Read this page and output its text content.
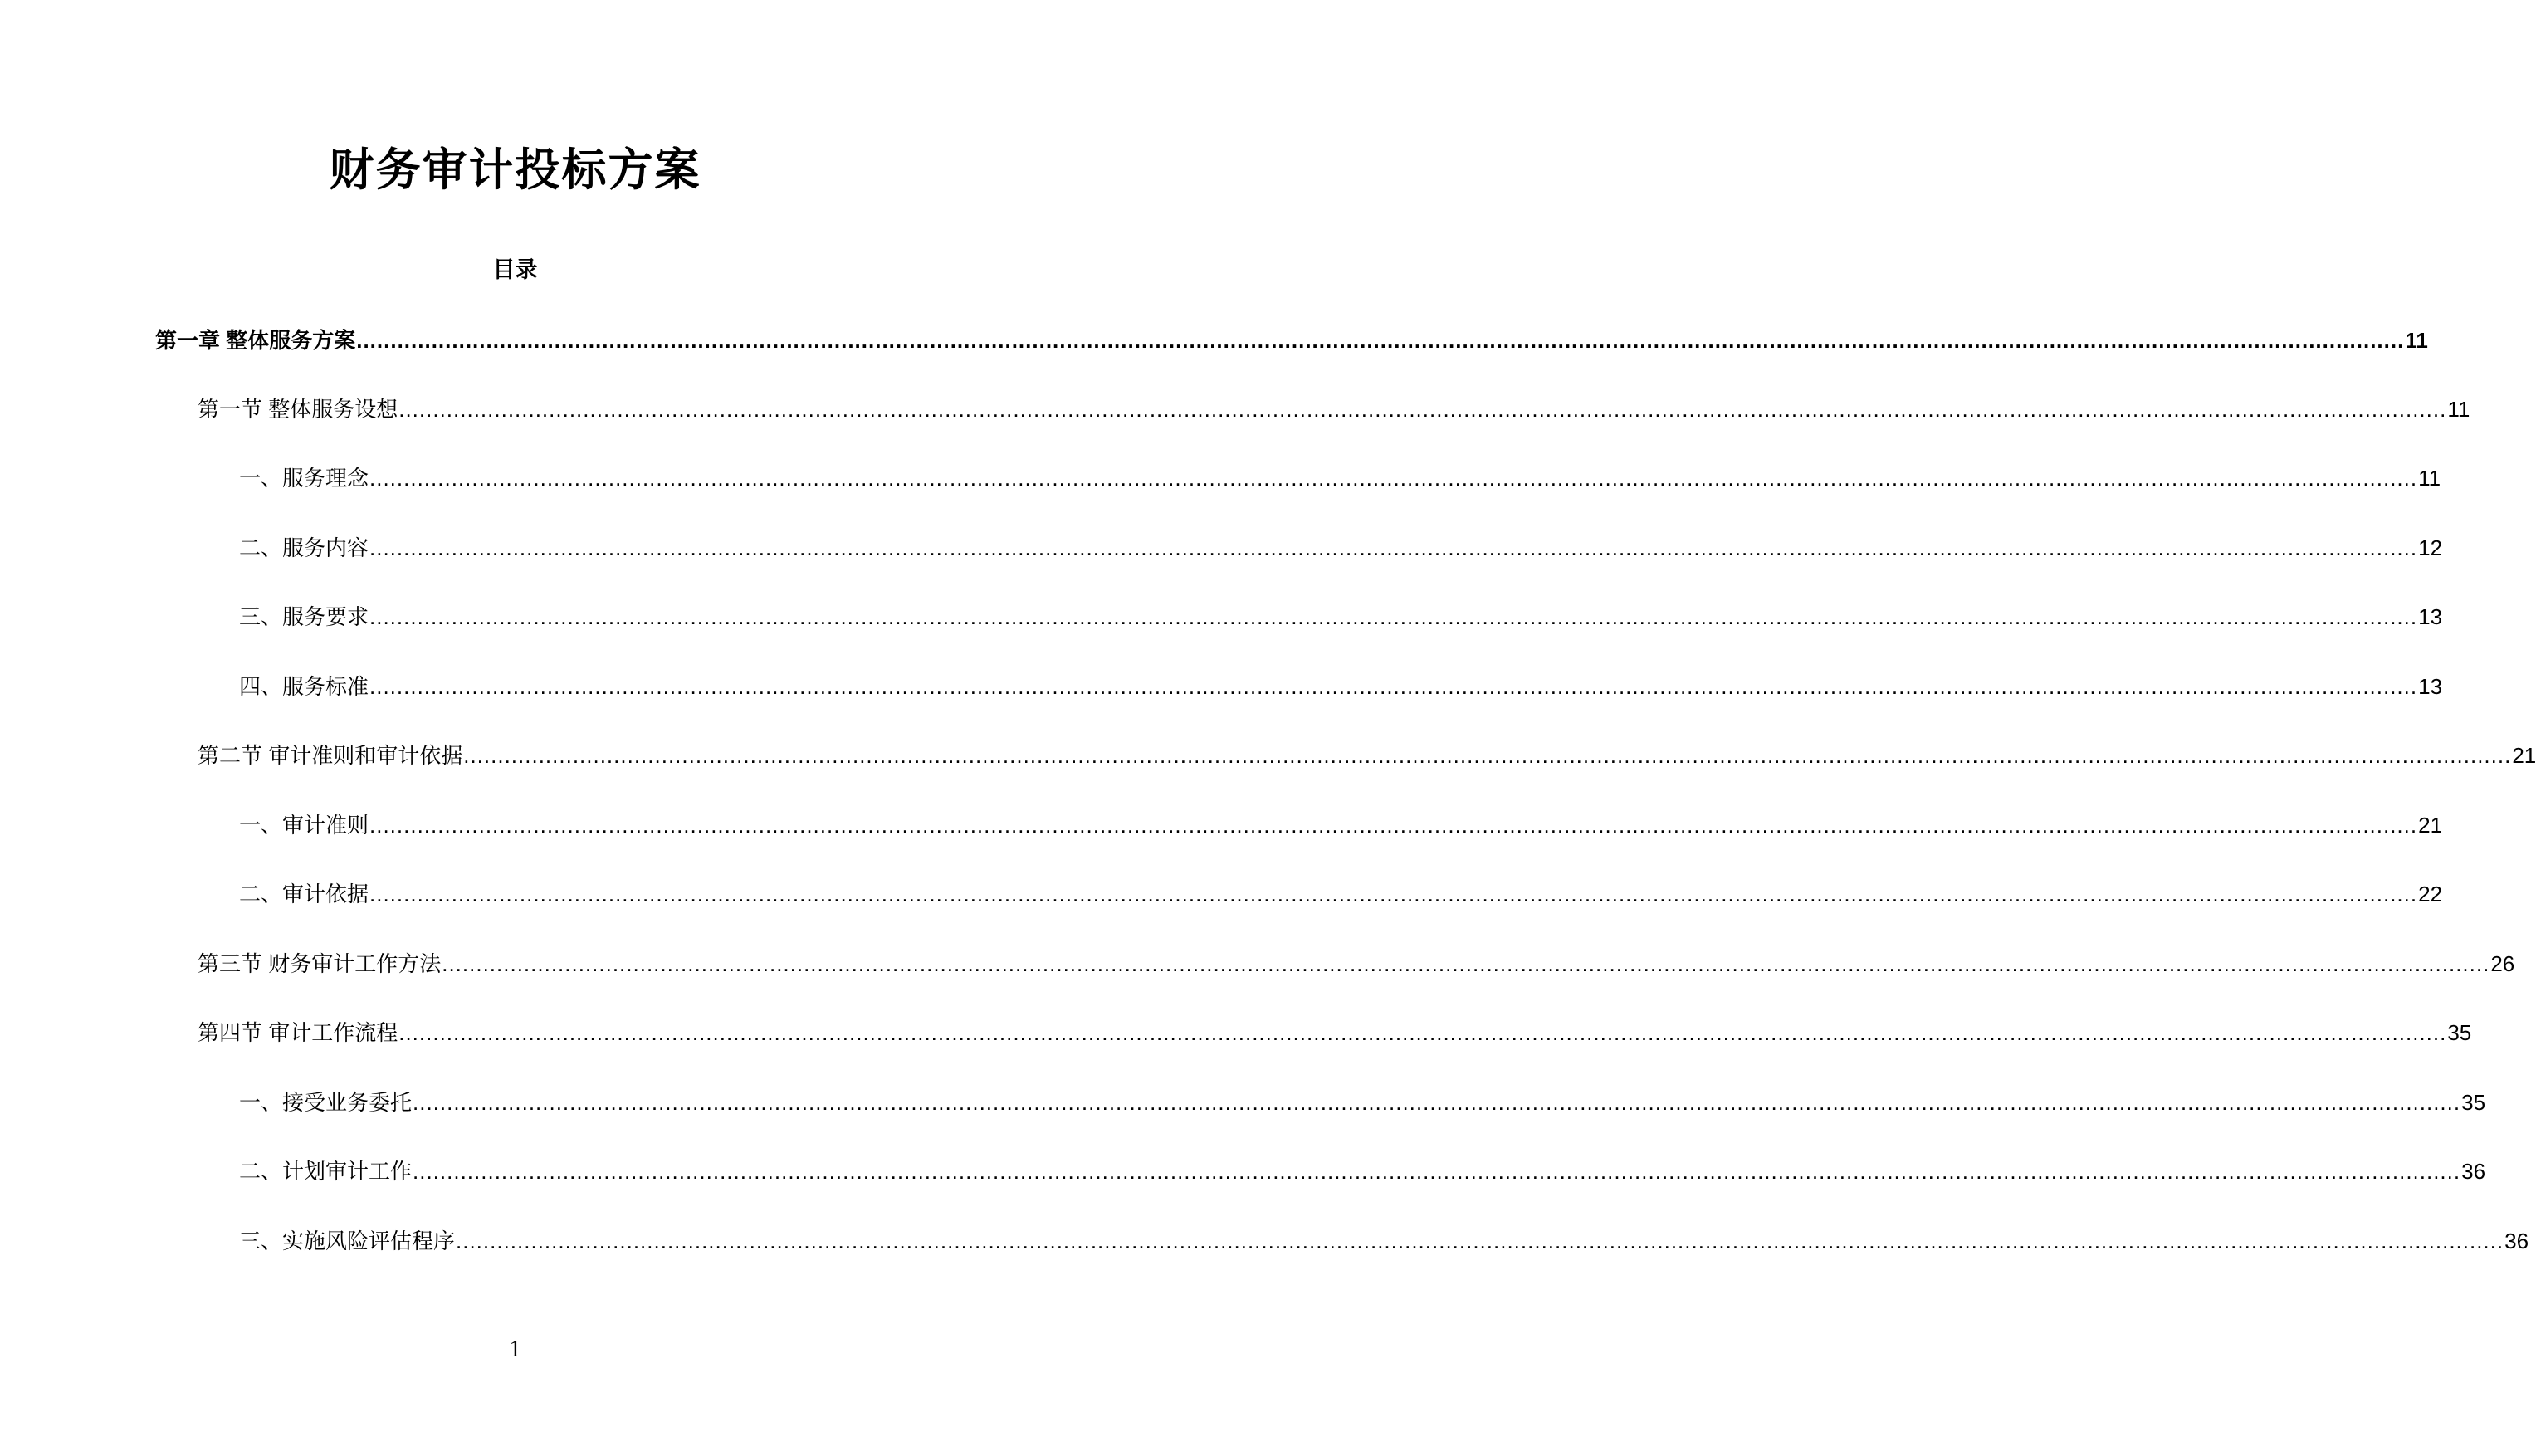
财务审计投标方案
目录
第一章 整体服务方案 ............................................................................................................................................................................................................................................................................................................ 11
第一节 整体服务设想 ............................................................................................................................................................................................................................................................................................................ 11
一、服务理念 ............................................................................................................................................................................................................................................................................................................ 11
二、服务内容 ............................................................................................................................................................................................................................................................................................................ 12
三、服务要求 ............................................................................................................................................................................................................................................................................................................ 13
四、服务标准 ............................................................................................................................................................................................................................................................................................................ 13
第二节 审计准则和审计依据 ............................................................................................................................................................................................................................................................................................................ 21
一、审计准则 ............................................................................................................................................................................................................................................................................................................ 21
二、审计依据 ............................................................................................................................................................................................................................................................................................................ 22
第三节 财务审计工作方法 ............................................................................................................................................................................................................................................................................................................ 26
第四节 审计工作流程 ............................................................................................................................................................................................................................................................................................................ 35
一、接受业务委托 ............................................................................................................................................................................................................................................................................................................ 35
二、计划审计工作 ............................................................................................................................................................................................................................................................................................................ 36
三、实施风险评估程序 ............................................................................................................................................................................................................................................................................................................ 36
1
